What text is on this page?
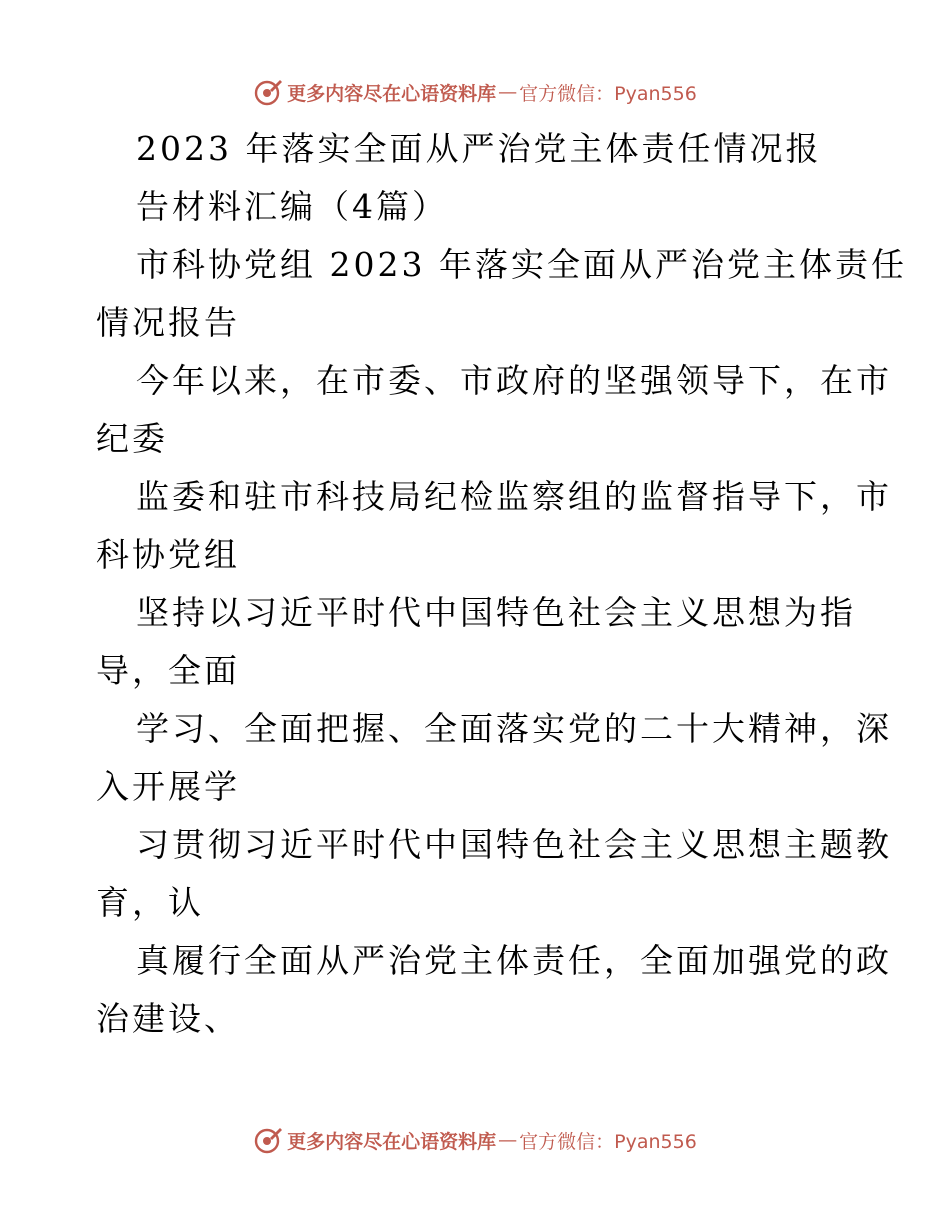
更多内容尽在心语资料库 — 官方微信：Pyan556
2023 年落实全面从严治党主体责任情况报
告材料汇编（4篇）
市科协党组 2023 年落实全面从严治党主体责任
情况报告
今年以来，在市委、市政府的坚强领导下，在市
纪委
监委和驻市科技局纪检监察组的监督指导下，市
科协党组
坚持以习近平时代中国特色社会主义思想为指
导，全面
学习、全面把握、全面落实党的二十大精神，深
入开展学
习贯彻习近平时代中国特色社会主义思想主题教
育，认
真履行全面从严治党主体责任，全面加强党的政
治建设、
更多内容尽在心语资料库 — 官方微信：Pyan556
